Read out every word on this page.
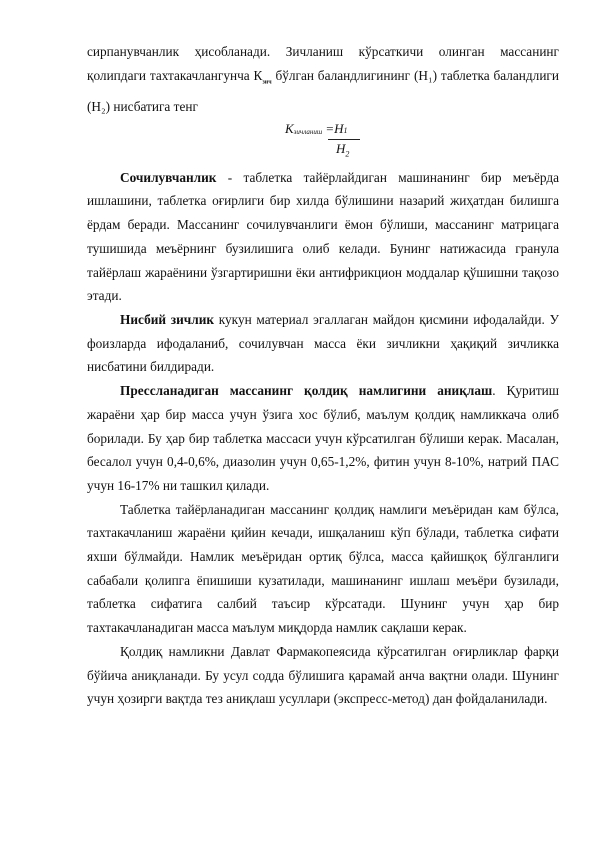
сирпанувчанлик ҳисобланади. Зичланиш кўрсаткичи олинган массанинг қолипдаги тахтакачлангунча $К_{зич}$ бўлган баландлигининг (H₁) таблетка баландлиги (H₂) нисбатига тенг

$К_{зичланиш} =H1$
$H_2$

Сочилувчанлик - таблетка тайёрлайдиган машинанинг бир меъёрда ишлашини, таблетка оғирлиги бир хилда бўлишини назарий жиҳатдан билишга ёрдам беради. Массанинг сочилувчанлиги ёмон бўлиши, массанинг матрицага тушишида меъёрнинг бузилишига олиб келади. Бунинг натижасида гранула тайёрлаш жараёнини ўзгартиришни ёки антифрикцион моддалар қўшишни тақозо этади.

Нисбий зичлик кукун материал эгаллаган майдон қисмини ифодалайди. У фоизларда ифодаланиб, сочилувчан масса ёки зичликни ҳақиқий зичликка нисбатини билдиради.

Прессланадиган массанинг қолдиқ намлигини аниқлаш. Қуритиш жараёни ҳар бир масса учун ўзига хос бўлиб, маълум қолдиқ намликкача олиб борилади. Бу ҳар бир таблетка массаси учун кўрсатилган бўлиши керак. Масалан, бесалол учун 0,4-0,6%, диазолин учун 0,65-1,2%, фитин учун 8-10%, натрий ПАС учун 16-17% ни ташкил қилади.

Таблетка тайёрланадиган массанинг қолдиқ намлиги меъёридан кам бўлса, тахтакачланиш жараёни қийин кечади, ишқаланиш кўп бўлади, таблетка сифати яхши бўлмайди. Намлик меъёридан ортиқ бўлса, масса қайишқоқ бўлганлиги сабабали қолипга ёпишиши кузатилади, машинанинг ишлаш меъёри бузилади, таблетка сифатига салбий таъсир кўрсатади. Шунинг учун ҳар бир тахтакачланадиган масса маълум миқдорда намлик сақлаши керак.

Қолдиқ намликни Давлат Фармакопеясида кўрсатилган оғирликлар фарқи бўйича аниқланади. Бу усул содда бўлишига қарамай анча вақтни олади. Шунинг учун ҳозирги вақтда тез аниқлаш усуллари (экспресс-метод) дан фойдаланилади.
